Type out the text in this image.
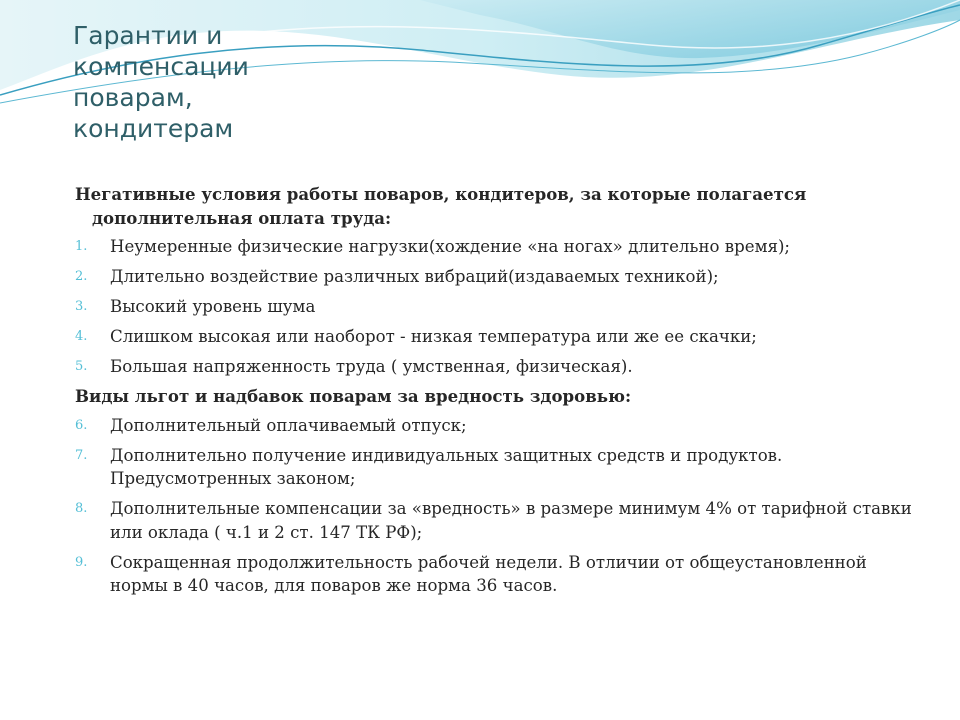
Гарантии и
компенсации
поварам,
кондитерам
Негативные условия работы поваров, кондитеров, за которые полагается дополнительная оплата труда:
1. Неумеренные физические нагрузки(хождение «на ногах» длительно время);
2. Длительно воздействие различных вибраций(издаваемых техникой);
3. Высокий уровень шума
4. Слишком высокая или наоборот - низкая температура или же ее скачки;
5. Большая напряженность труда ( умственная, физическая).
Виды льгот и надбавок поварам за вредность здоровью:
6. Дополнительный оплачиваемый отпуск;
7. Дополнительно получение индивидуальных защитных средств и продуктов. Предусмотренных законом;
8. Дополнительные компенсации за «вредность» в размере минимум 4% от тарифной ставки или оклада ( ч.1 и 2 ст. 147 ТК РФ);
9. Сокращенная продолжительность рабочей недели. В отличии от общеустановленной нормы в 40 часов, для поваров же норма 36 часов.
